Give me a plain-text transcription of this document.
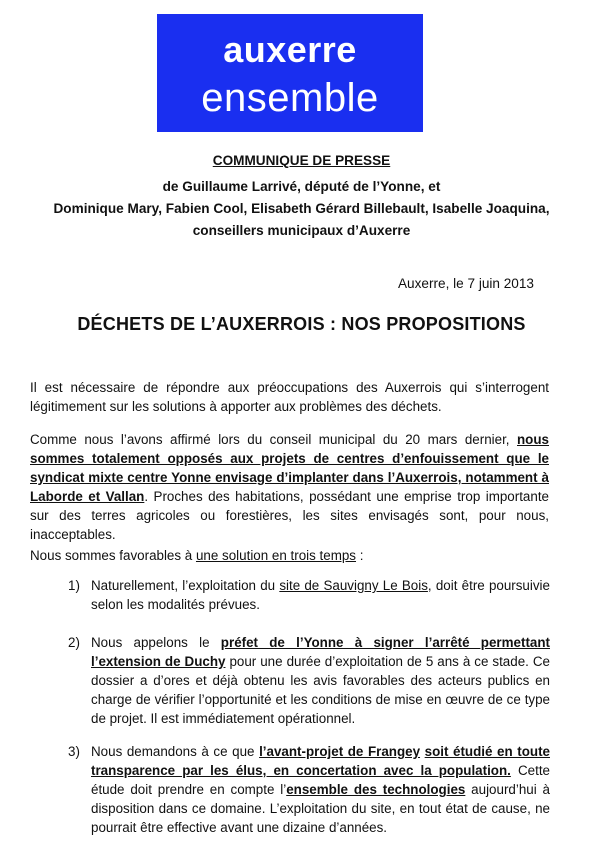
auxerre
ensemble
COMMUNIQUE DE PRESSE
de Guillaume Larrivé, député de l’Yonne, et
Dominique Mary, Fabien Cool, Elisabeth Gérard Billebault, Isabelle Joaquina,
conseillers municipaux d’Auxerre
Auxerre, le 7 juin 2013
DÉCHETS DE L’AUXERROIS : NOS PROPOSITIONS
Il est nécessaire de répondre aux préoccupations des Auxerrois qui s’interrogent légitimement sur les solutions à apporter aux problèmes des déchets.
Comme nous l’avons affirmé lors du conseil municipal du 20 mars dernier, nous sommes totalement opposés aux projets de centres d’enfouissement que le syndicat mixte centre Yonne envisage d’implanter dans l’Auxerrois, notamment à Laborde et Vallan. Proches des habitations, possédant une emprise trop importante sur des terres agricoles ou forestières, les sites envisagés sont, pour nous, inacceptables.
Nous sommes favorables à une solution en trois temps :
1) Naturellement, l’exploitation du site de Sauvigny Le Bois, doit être poursuivie selon les modalités prévues.
2) Nous appelons le préfet de l’Yonne à signer l’arrêté permettant l’extension de Duchy pour une durée d’exploitation de 5 ans à ce stade. Ce dossier a d’ores et déjà obtenu les avis favorables des acteurs publics en charge de vérifier l’opportunité et les conditions de mise en œuvre de ce type de projet. Il est immédiatement opérationnel.
3) Nous demandons à ce que l’avant-projet de Frangey soit étudié en toute transparence par les élus, en concertation avec la population. Cette étude doit prendre en compte l’ensemble des technologies aujourd’hui à disposition dans ce domaine. L’exploitation du site, en tout état de cause, ne pourrait être effective avant une dizaine d’années.
